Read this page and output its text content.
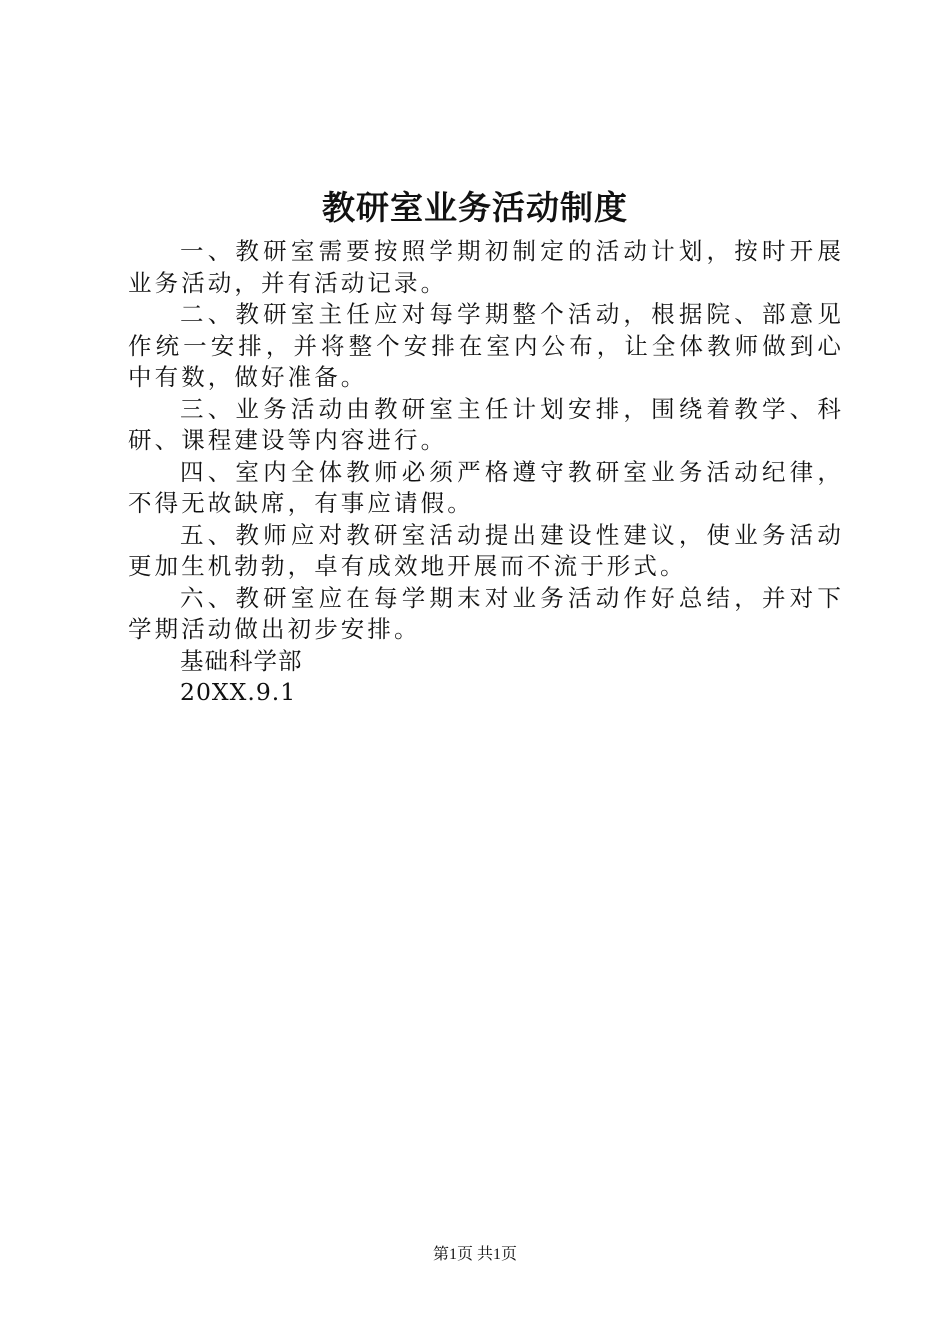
教研室业务活动制度

一、教研室需要按照学期初制定的活动计划，按时开展业务活动，并有活动记录。

二、教研室主任应对每学期整个活动，根据院、部意见作统一安排，并将整个安排在室内公布，让全体教师做到心中有数，做好准备。

三、业务活动由教研室主任计划安排，围绕着教学、科研、课程建设等内容进行。

四、室内全体教师必须严格遵守教研室业务活动纪律，不得无故缺席，有事应请假。

五、教师应对教研室活动提出建设性建议，使业务活动更加生机勃勃，卓有成效地开展而不流于形式。

六、教研室应在每学期末对业务活动作好总结，并对下学期活动做出初步安排。

基础科学部

20XX.9.1

第1页 共1页
